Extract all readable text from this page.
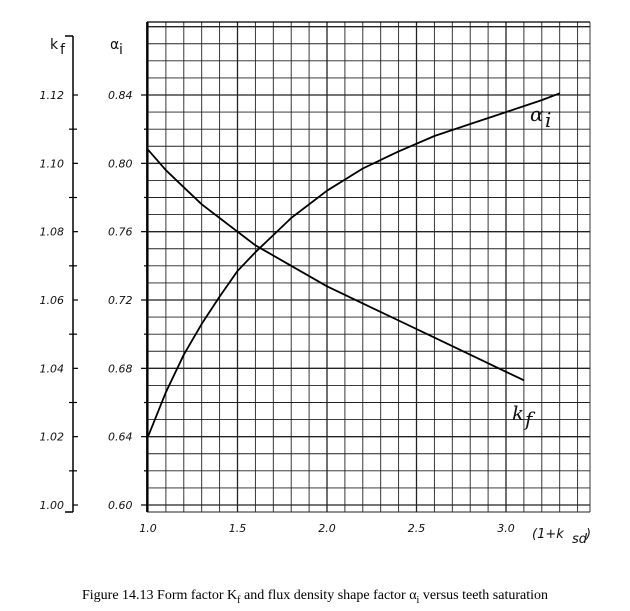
1.00
1.02
1.04
1.06
1.08
1.10
1.12
0.60
0.64
0.68
0.72
0.76
0.80
0.84
1.0	1.5	2.0	2.5	3.0
k f	α i
(1+k sd
)
k f
α i
Figure 14.13 Form factor $K_f$ and flux density shape factor $\alpha_i$ versus teeth saturation
